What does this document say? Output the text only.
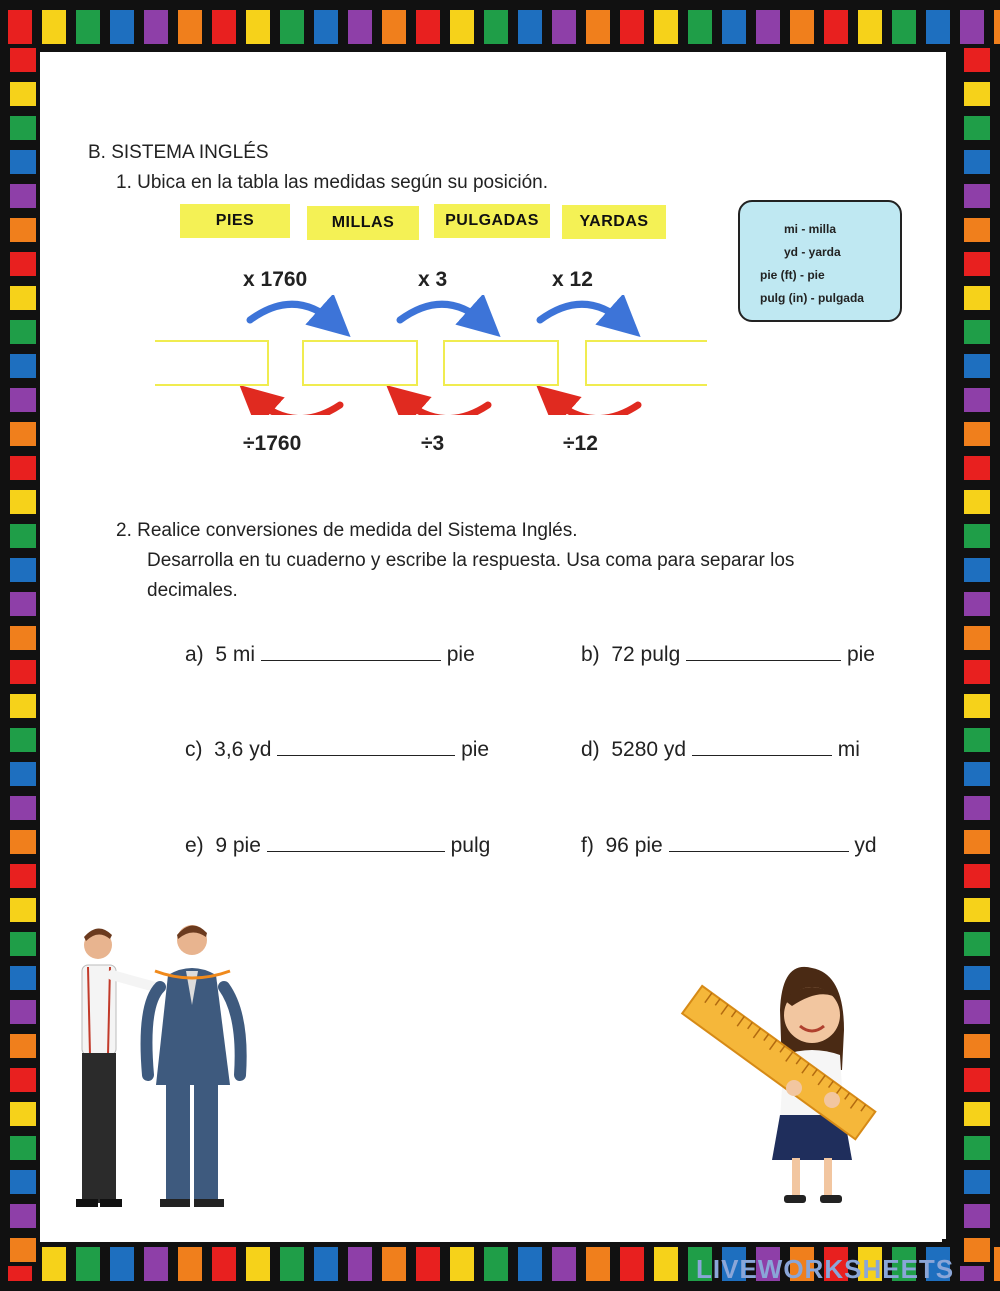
B. SISTEMA INGLÉS
1. Ubica en la tabla las medidas según su posición.
PIES	MILLAS	PULGADAS	YARDAS
x 1760	x 3	x 12
÷1760	÷3	÷12
mi - milla
yd - yarda
pie (ft) - pie
pulg (in) - pulgada
2. Realice conversiones de medida del Sistema Inglés.
Desarrolla en tu cuaderno y escribe la respuesta. Usa coma para separar los
decimales.
a) 5 mi	pie	b) 72 pulg	pie
c) 3,6 yd	pie	d) 5280 yd	mi
e) 9 pie	pulg	f) 96 pie	yd
LIVEWORKSHEETS
